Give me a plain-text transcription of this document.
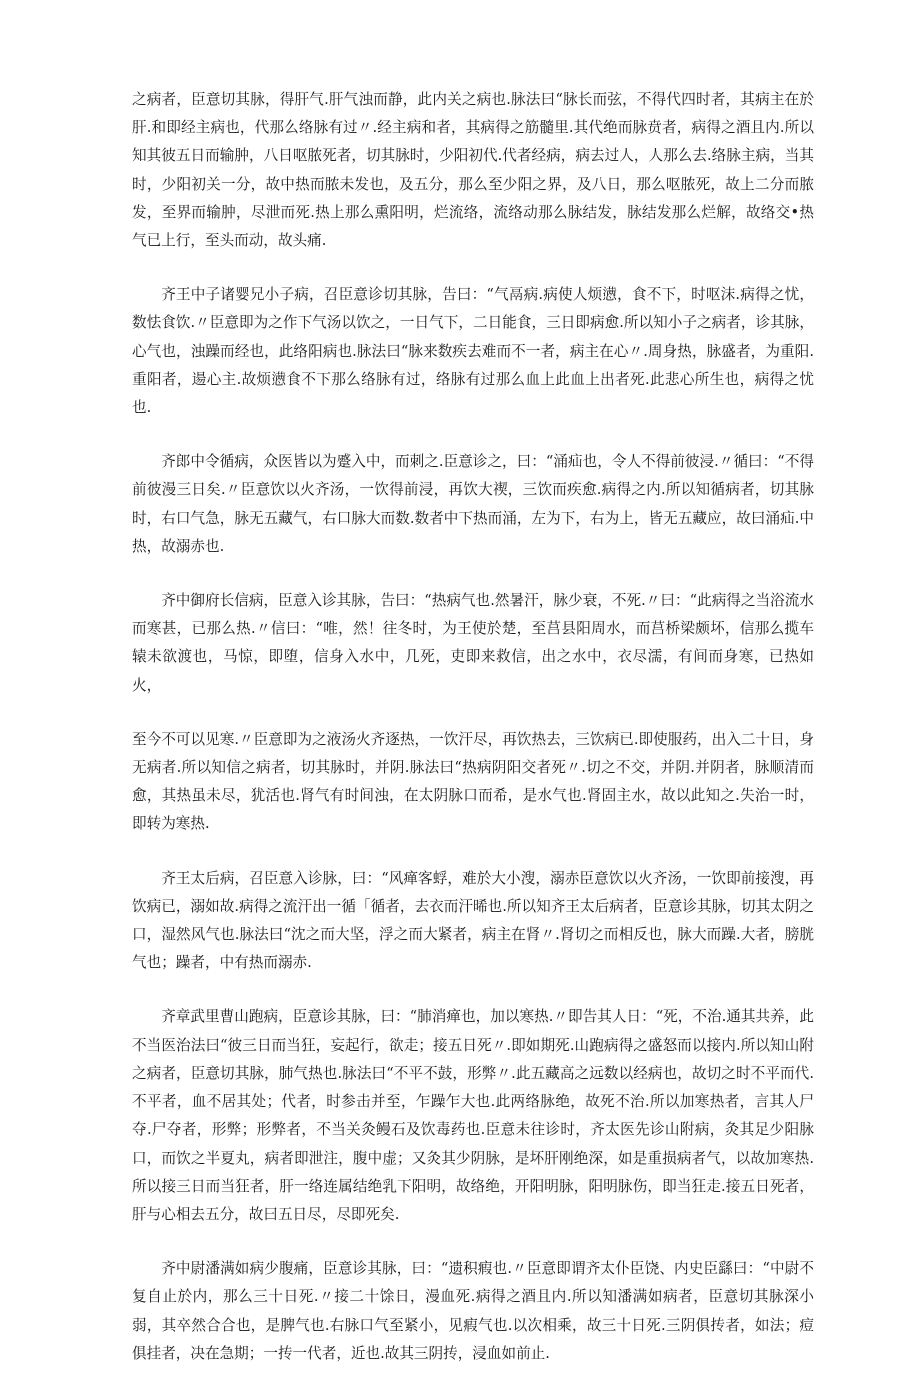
之病者，臣意切其脉，得肝气.肝气浊而静，此内关之病也.脉法曰“脉长而弦，不得代四时者，其病主在於肝.和即经主病也，代那么络脉有过〃.经主病和者，其病得之筋髓里.其代绝而脉贲者，病得之酒且内.所以知其彼五日而输肿，八日呕脓死者，切其脉时，少阳初代.代者经病，病去过人，人那么去.络脉主病，当其时，少阳初关一分，故中热而脓未发也，及五分，那么至少阳之界，及八日，那么呕脓死，故上二分而脓发，至界而输肿，尽泄而死.热上那么熏阳明，烂流络，流络动那么脉结发，脉结发那么烂解，故络交•热气已上行，至头而动，故头痛.

齐王中子诸婴兄小子病，召臣意诊切其脉，告曰：“气鬲病.病使人烦懑，食不下，时呕沫.病得之忧，数怯食饮.〃臣意即为之作下气汤以饮之，一日气下，二日能食，三日即病愈.所以知小子之病者，诊其脉，心气也，浊躁而经也，此络阳病也.脉法曰“脉来数疾去难而不一者，病主在心〃.周身热，脉盛者，为重阳.重阳者，逿心主.故烦懑食不下那么络脉有过，络脉有过那么血上此血上出者死.此悲心所生也，病得之忧也.

齐郎中令循病，众医皆以为蹙入中，而刺之.臣意诊之，曰：“涌疝也，令人不得前彼浸.〃循曰：“不得前彼漫三日矣.〃臣意饮以火齐汤，一饮得前浸，再饮大禊，三饮而疾愈.病得之内.所以知循病者，切其脉时，右口气急，脉无五藏气，右口脉大而数.数者中下热而涌，左为下，右为上，皆无五藏应，故曰涌疝.中热，故溺赤也.

齐中御府长信病，臣意入诊其脉，告曰：“热病气也.然暑汗，脉少衰，不死.〃曰：“此病得之当浴流水而寒甚，已那么热.〃信曰：“唯，然！往冬时，为王使於楚，至莒县阳周水，而莒桥梁颇坏，信那么揽车辕未欲渡也，马惊，即堕，信身入水中，几死，吏即来救信，出之水中，衣尽濡，有间而身寒，已热如火，

至今不可以见寒.〃臣意即为之液汤火齐逐热，一饮汗尽，再饮热去，三饮病已.即使服药，出入二十日，身无病者.所以知信之病者，切其脉时，并阴.脉法曰“热病阴阳交者死〃.切之不交，并阴.并阴者，脉顺清而愈，其热虽未尽，犹活也.肾气有时间浊，在太阴脉口而希，是水气也.肾固主水，故以此知之.失治一时，即转为寒热.

齐王太后病，召臣意入诊脉，曰：“风瘅客蜉，难於大小溲，溺赤臣意饮以火齐汤，一饮即前接溲，再饮病已，溺如故.病得之流汗出一循「循者，去衣而汗晞也.所以知齐王太后病者，臣意诊其脉，切其太阴之口，湿然风气也.脉法曰“沈之而大坚，浮之而大紧者，病主在肾〃.肾切之而相反也，脉大而躁.大者，膀胱气也；躁者，中有热而溺赤.

齐章武里曹山跑病，臣意诊其脉，曰：“肺消瘅也，加以寒热.〃即告其人日：“死，不治.通其共养，此不当医治法曰“彼三日而当狂，妄起行，欲走；接五日死〃.即如期死.山跑病得之盛怒而以接内.所以知山附之病者，臣意切其脉，肺气热也.脉法曰“不平不鼓，形弊〃.此五藏高之远数以经病也，故切之时不平而代.不平者，血不居其处；代者，时参击并至，乍躁乍大也.此两络脉绝，故死不治.所以加寒热者，言其人尸夺.尸夺者，形弊；形弊者，不当关灸鳗石及饮毒药也.臣意未往诊时，齐太医先诊山附病，灸其足少阳脉口，而饮之半夏丸，病者即泄注，腹中虚；又灸其少阴脉，是坏肝刚绝深，如是重损病者气，以故加寒热.所以接三日而当狂者，肝一络连属结绝乳下阳明，故络绝，开阳明脉，阳明脉伤，即当狂走.接五日死者，肝与心相去五分，故曰五日尽，尽即死矣.

齐中尉潘满如病少腹痛，臣意诊其脉，曰：“遗积瘕也.〃臣意即谓齐太仆臣饶、内史臣繇曰：“中尉不复自止於内，那么三十日死.〃接二十馀日，漫血死.病得之酒且内.所以知潘满如病者，臣意切其脉深小弱，其卒然合合也，是脾气也.右脉口气至紧小，见瘕气也.以次相乘，故三十日死.三阴俱抟者，如法；痘俱挂者，决在急期；一抟一代者，近也.故其三阴抟，浸血如前止.
